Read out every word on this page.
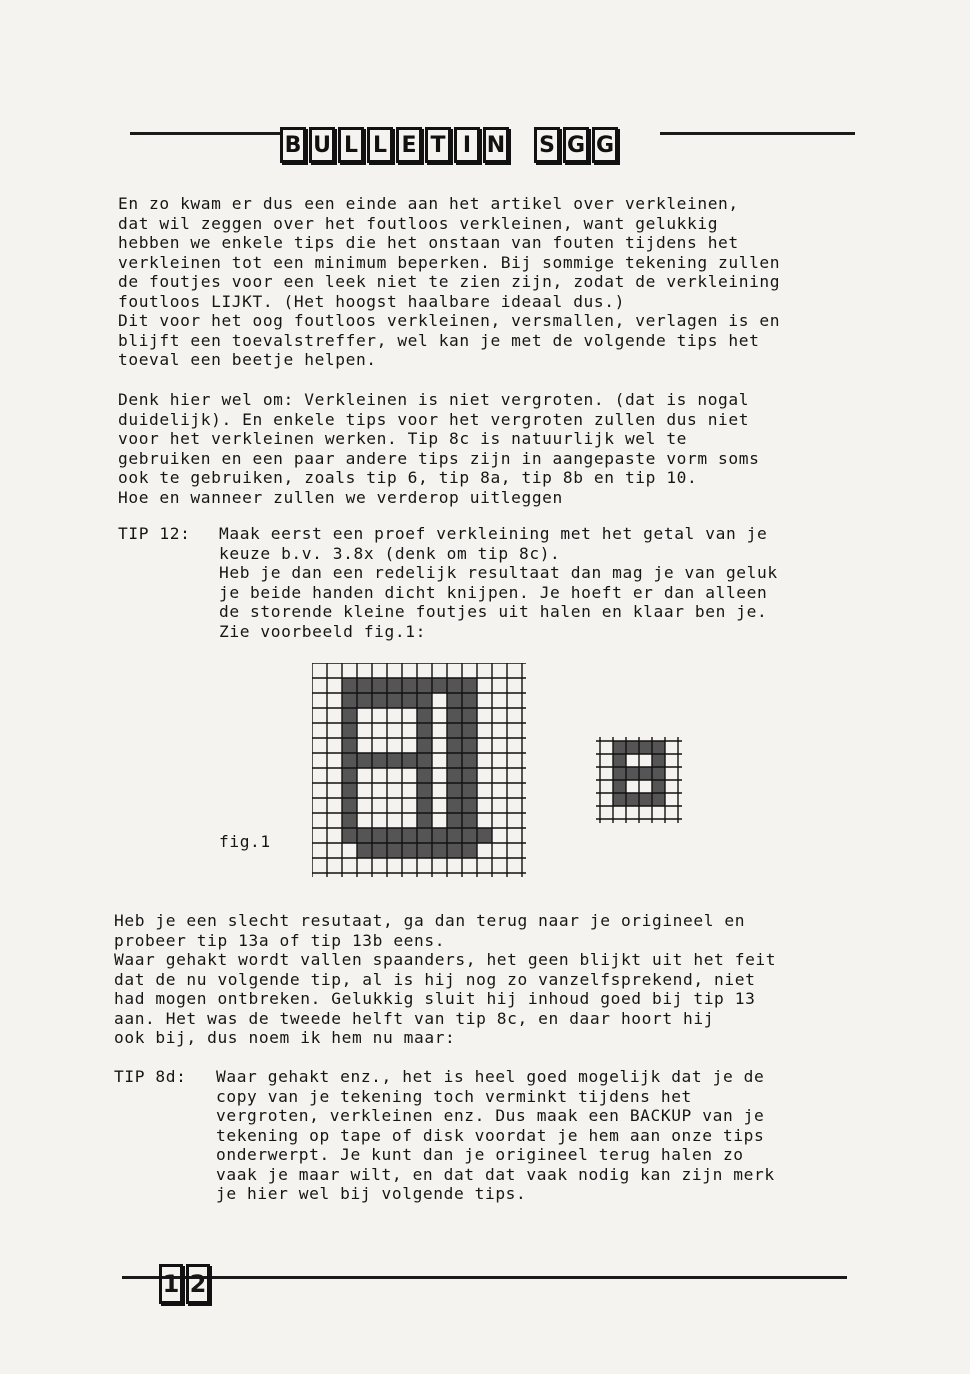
B U L L E T I N S G G
En zo kwam er dus een einde aan het artikel over verkleinen,
dat wil zeggen over het foutloos verkleinen, want gelukkig
hebben we enkele tips die het onstaan van fouten tijdens het
verkleinen tot een minimum beperken. Bij sommige tekening zullen
de foutjes voor een leek niet te zien zijn, zodat de verkleining
foutloos LIJKT. (Het hoogst haalbare ideaal dus.)
Dit voor het oog foutloos verkleinen, versmallen, verlagen is en
blijft een toevalstreffer, wel kan je met de volgende tips het
toeval een beetje helpen.
Denk hier wel om: Verkleinen is niet vergroten. (dat is nogal
duidelijk). En enkele tips voor het vergroten zullen dus niet
voor het verkleinen werken. Tip 8c is natuurlijk wel te
gebruiken en een paar andere tips zijn in aangepaste vorm soms
ook te gebruiken, zoals tip 6, tip 8a, tip 8b en tip 10.
Hoe en wanneer zullen we verderop uitleggen
TIP 12: Maak eerst een proef verkleining met het getal van je
keuze b.v. 3.8x (denk om tip 8c).
Heb je dan een redelijk resultaat dan mag je van geluk
je beide handen dicht knijpen. Je hoeft er dan alleen
de storende kleine foutjes uit halen en klaar ben je.
Zie voorbeeld fig.1:
fig.1
Heb je een slecht resutaat, ga dan terug naar je origineel en
probeer tip 13a of tip 13b eens.
Waar gehakt wordt vallen spaanders, het geen blijkt uit het feit
dat de nu volgende tip, al is hij nog zo vanzelfsprekend, niet
had mogen ontbreken. Gelukkig sluit hij inhoud goed bij tip 13
aan. Het was de tweede helft van tip 8c, en daar hoort hij
ook bij, dus noem ik hem nu maar:
TIP 8d: Waar gehakt enz., het is heel goed mogelijk dat je de
copy van je tekening toch verminkt tijdens het
vergroten, verkleinen enz. Dus maak een BACKUP van je
tekening op tape of disk voordat je hem aan onze tips
onderwerpt. Je kunt dan je origineel terug halen zo
vaak je maar wilt, en dat dat vaak nodig kan zijn merk
je hier wel bij volgende tips.
1 2
